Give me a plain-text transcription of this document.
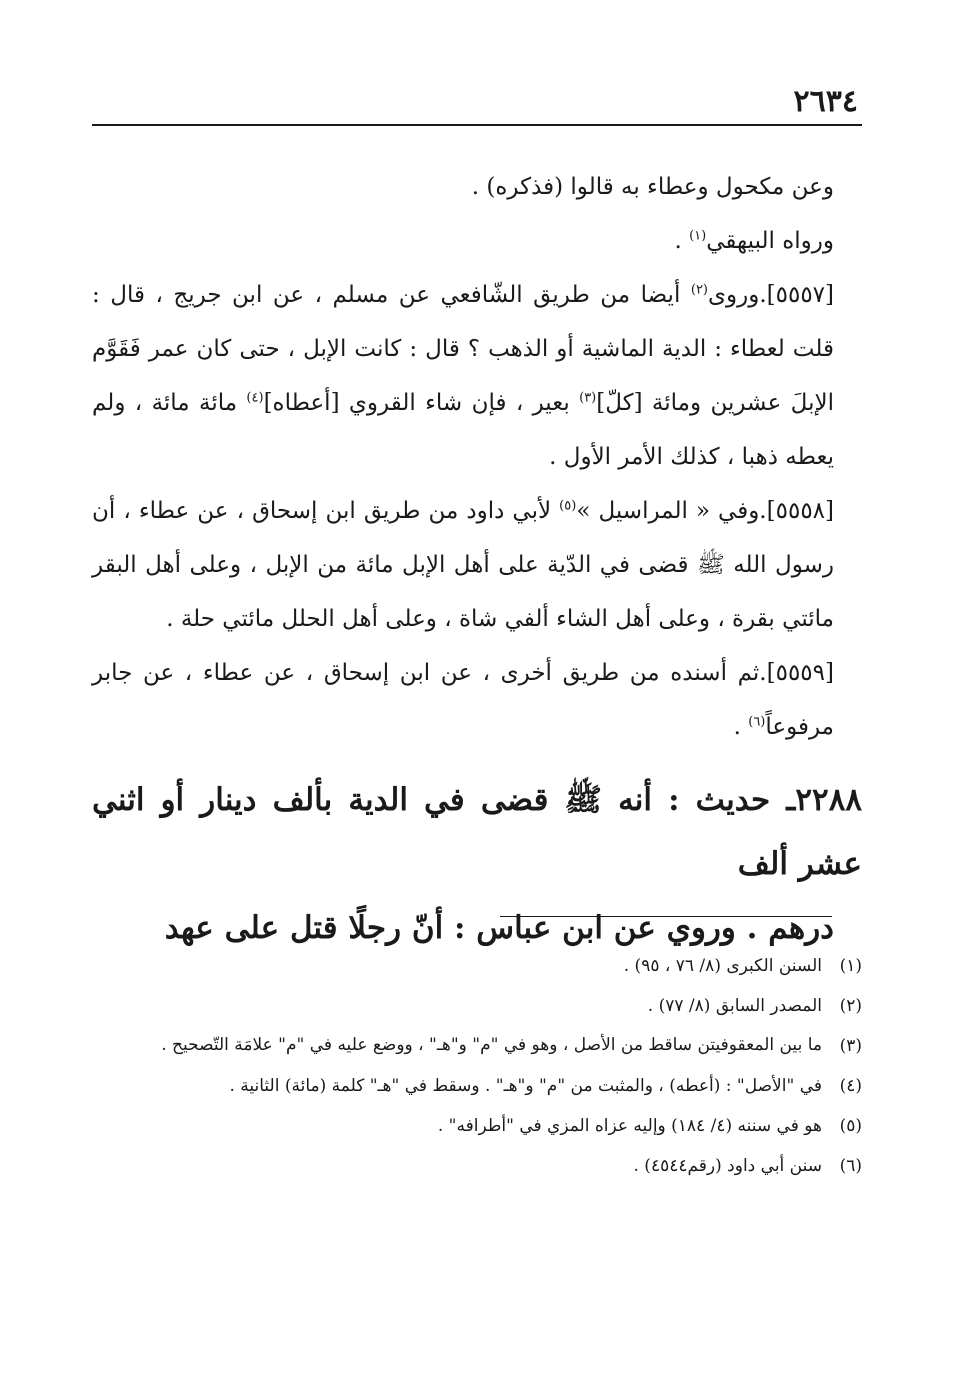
٢٦٣٤

وعن مكحول وعطاء به قالوا (فذكره) .

ورواه البيهقي$^{(١)}$ .

[٥٥٥٧].وروى$^{(٢)}$ أيضا من طريق الشّافعي عن مسلم ، عن ابن جريج ، قال : قلت لعطاء : الدية الماشية أو الذهب ؟ قال : كانت الإبل ، حتى كان عمر فَقَوَّم الإبلَ عشرين ومائة [كلّ]$^{(٣)}$ بعير ، فإن شاء القروي [أعطاه]$^{(٤)}$ مائة مائة ، ولم يعطه ذهبا ، كذلك الأمر الأول .

[٥٥٥٨].وفي « المراسيل »$^{(٥)}$ لأبي داود من طريق ابن إسحاق ، عن عطاء ، أن رسول الله ﷺ قضى في الدّية على أهل الإبل مائة من الإبل ، وعلى أهل البقر مائتي بقرة ، وعلى أهل الشاء ألفي شاة ، وعلى أهل الحلل مائتي حلة .

[٥٥٥٩].ثم أسنده من طريق أخرى ، عن ابن إسحاق ، عن عطاء ، عن جابر مرفوعاً$^{(٦)}$ .

٢٢٨٨ـ حديث : أنه ﷺ قضى في الدية بألف دينار أو اثني عشر ألف

درهم . وروي عن ابن عباس : أنّ رجلًا قتل على عهد

(١)
السنن الكبرى (٨/ ٧٦ ، ٩٥) .
(٢)
المصدر السابق (٨/ ٧٧) .
(٣)
ما بين المعقوفيتن ساقط من الأصل ، وهو في "م" و"هـ" ، ووضع عليه في "م" علامَة التّصحيح .
(٤)
في "الأصل" : (أعطه) ، والمثبت من "م" و"هـ" . وسقط في "هـ" كلمة (مائة) الثانية .
(٥)
هو في سننه (٤/ ١٨٤) وإليه عزاه المزي في "أطرافه" .
(٦)
سنن أبي داود (رقم٤٥٤٤) .
